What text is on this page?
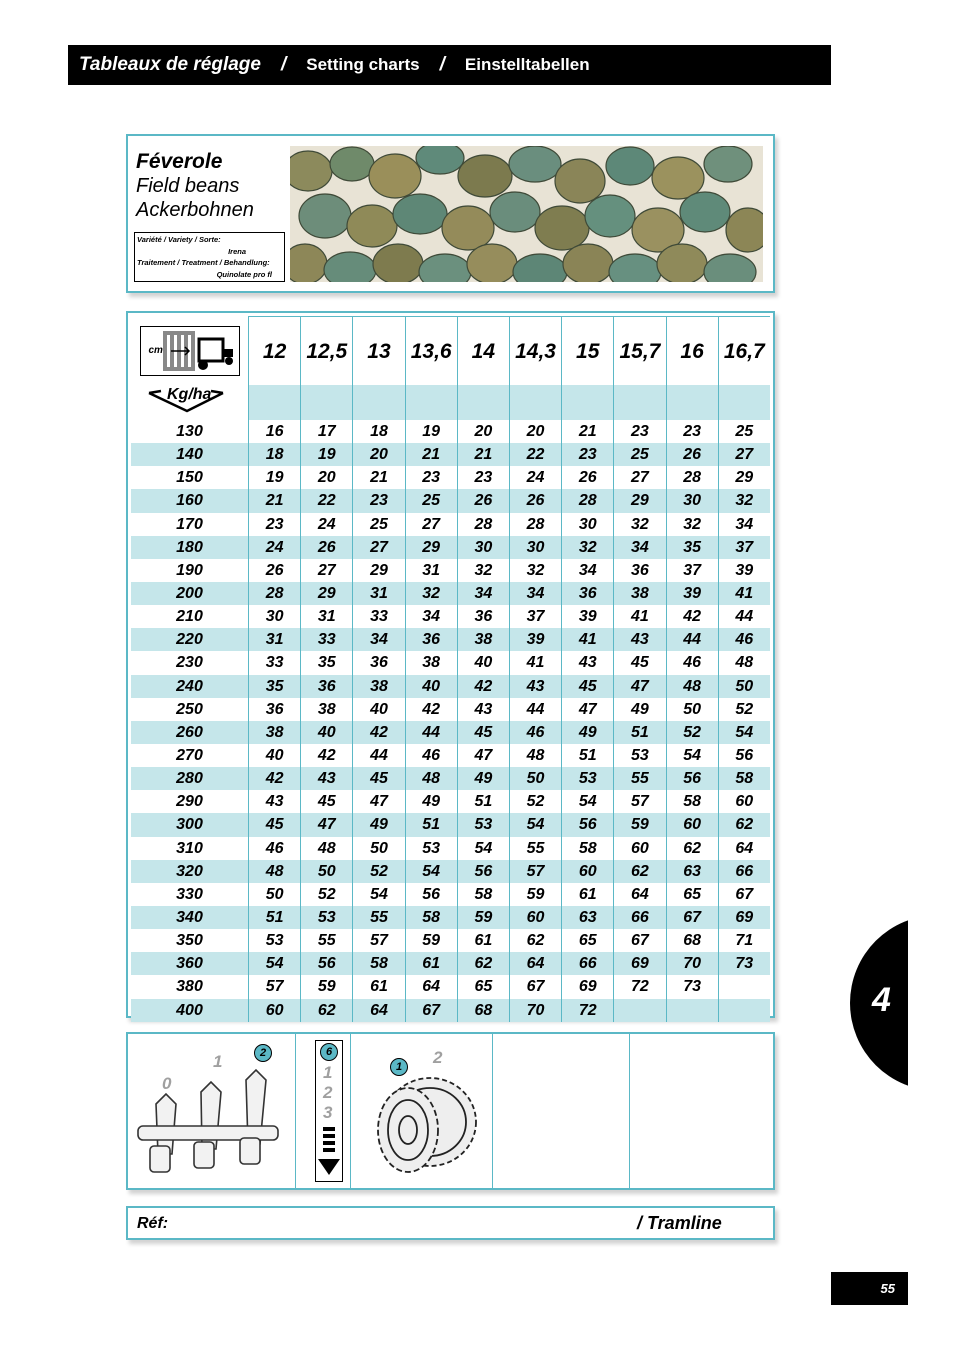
Tableaux de réglage / Setting charts / Einstelltabellen
Féverole
Field beans
Ackerbohnen
Variété / Variety / Sorte:
Irena
Traitement / Treatment / Behandlung:
Quinolate pro fl
cm	12	12,5	13	13,6	14	14,3	15	15,7	16	16,7

Kg/ha										

130	16	17	18	19	20	20	21	23	23	25
140	18	19	20	21	21	22	23	25	26	27
150	19	20	21	23	23	24	26	27	28	29
160	21	22	23	25	26	26	28	29	30	32
170	23	24	25	27	28	28	30	32	32	34
180	24	26	27	29	30	30	32	34	35	37
190	26	27	29	31	32	32	34	36	37	39
200	28	29	31	32	34	34	36	38	39	41
210	30	31	33	34	36	37	39	41	42	44
220	31	33	34	36	38	39	41	43	44	46
230	33	35	36	38	40	41	43	45	46	48
240	35	36	38	40	42	43	45	47	48	50
250	36	38	40	42	43	44	47	49	50	52
260	38	40	42	44	45	46	49	51	52	54
270	40	42	44	46	47	48	51	53	54	56
280	42	43	45	48	49	50	53	55	56	58
290	43	45	47	49	51	52	54	57	58	60
300	45	47	49	51	53	54	56	59	60	62
310	46	48	50	53	54	55	58	60	62	64
320	48	50	52	54	56	57	60	62	63	66
330	50	52	54	56	58	59	61	64	65	67
340	51	53	55	58	59	60	63	66	67	69
350	53	55	57	59	61	62	65	67	68	71
360	54	56	58	61	62	64	66	69	70	73
380	57	59	61	64	65	67	69	72	73	
400	60	62	64	67	68	70	72			
0
1	2	6
1
2
3
1	2
Réf:	/ Tramline
4
55
